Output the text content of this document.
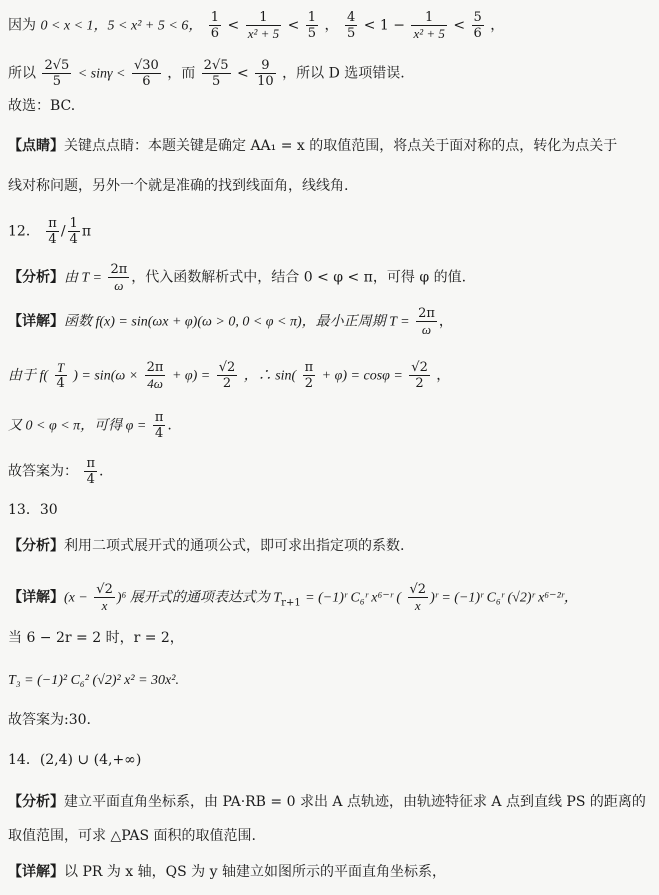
因为 0 < x < 1，5 < x² + 5 < 6， $\frac{1}{6} < \frac{1}{\text{x² + 5}} < \frac{1}{5}$ ， $\frac{4}{5} < 1 - \frac{1}{\text{x² + 5}} < \frac{5}{6}$ ，
所以 $\frac{2√5}{5} < \sin\gamma < \frac{√30}{6}$ ，而 $\frac{2√5}{5} < \frac{9}{10}$ ，所以 D 选项错误.
故选：BC.
【点睛】关键点点睛：本题关键是确定 AA₁ = x 的取值范围，将点关于面对称的点，转化为点关于
线对称问题，另外一个就是准确的找到线面角，线线角.
12． $\frac{\pi}{4} / \frac{1}{4}$ π
【分析】由 $T = \frac{2\pi}{\omega}$ ，代入函数解析式中，结合 0 < φ < π，可得 φ 的值.
【详解】函数 f(x) = sin(ωx + φ)(ω > 0, 0 < φ < π)，最小正周期 $T = \frac{2\pi}{\omega}$ ，
由于 $f( \frac{T}{4}$ ) = $\sin(\omega \times \frac{2\pi}{4\omega} + \varphi) = \frac{√2}{2}$ ，∴ $\sin( \frac{\pi}{2} + \varphi) = \cos\varphi = \frac{√2}{2}$ ，
又 0 < φ < π，可得 $\varphi = \frac{\pi}{4}$ .
故答案为： $\frac{\pi}{4}$ .
13．30
【分析】利用二项式展开式的通项公式，即可求出指定项的系数.
【详解】$(x - \frac{√2}{x} )^6$ 展开式的通项表达式为 $T_{r+1}$ = (−1)ʳ C₆ʳ x⁶⁻ʳ ( $\frac{√2}{x}$ )ʳ = (−1)ʳ C₆ʳ (√2)ʳ x⁶⁻²ʳ，
当 6 − 2r = 2 时，r = 2，
T₃ = (−1)² C₆² (√2)² x² = 30x².
故答案为:30.
14．(2,4) ∪ (4,+∞)
【分析】建立平面直角坐标系，由 PA·RB = 0 求出 A 点轨迹，由轨迹特征求 A 点到直线 PS 的距离的
取值范围，可求 △PAS 面积的取值范围.
【详解】以 PR 为 x 轴，QS 为 y 轴建立如图所示的平面直角坐标系，
